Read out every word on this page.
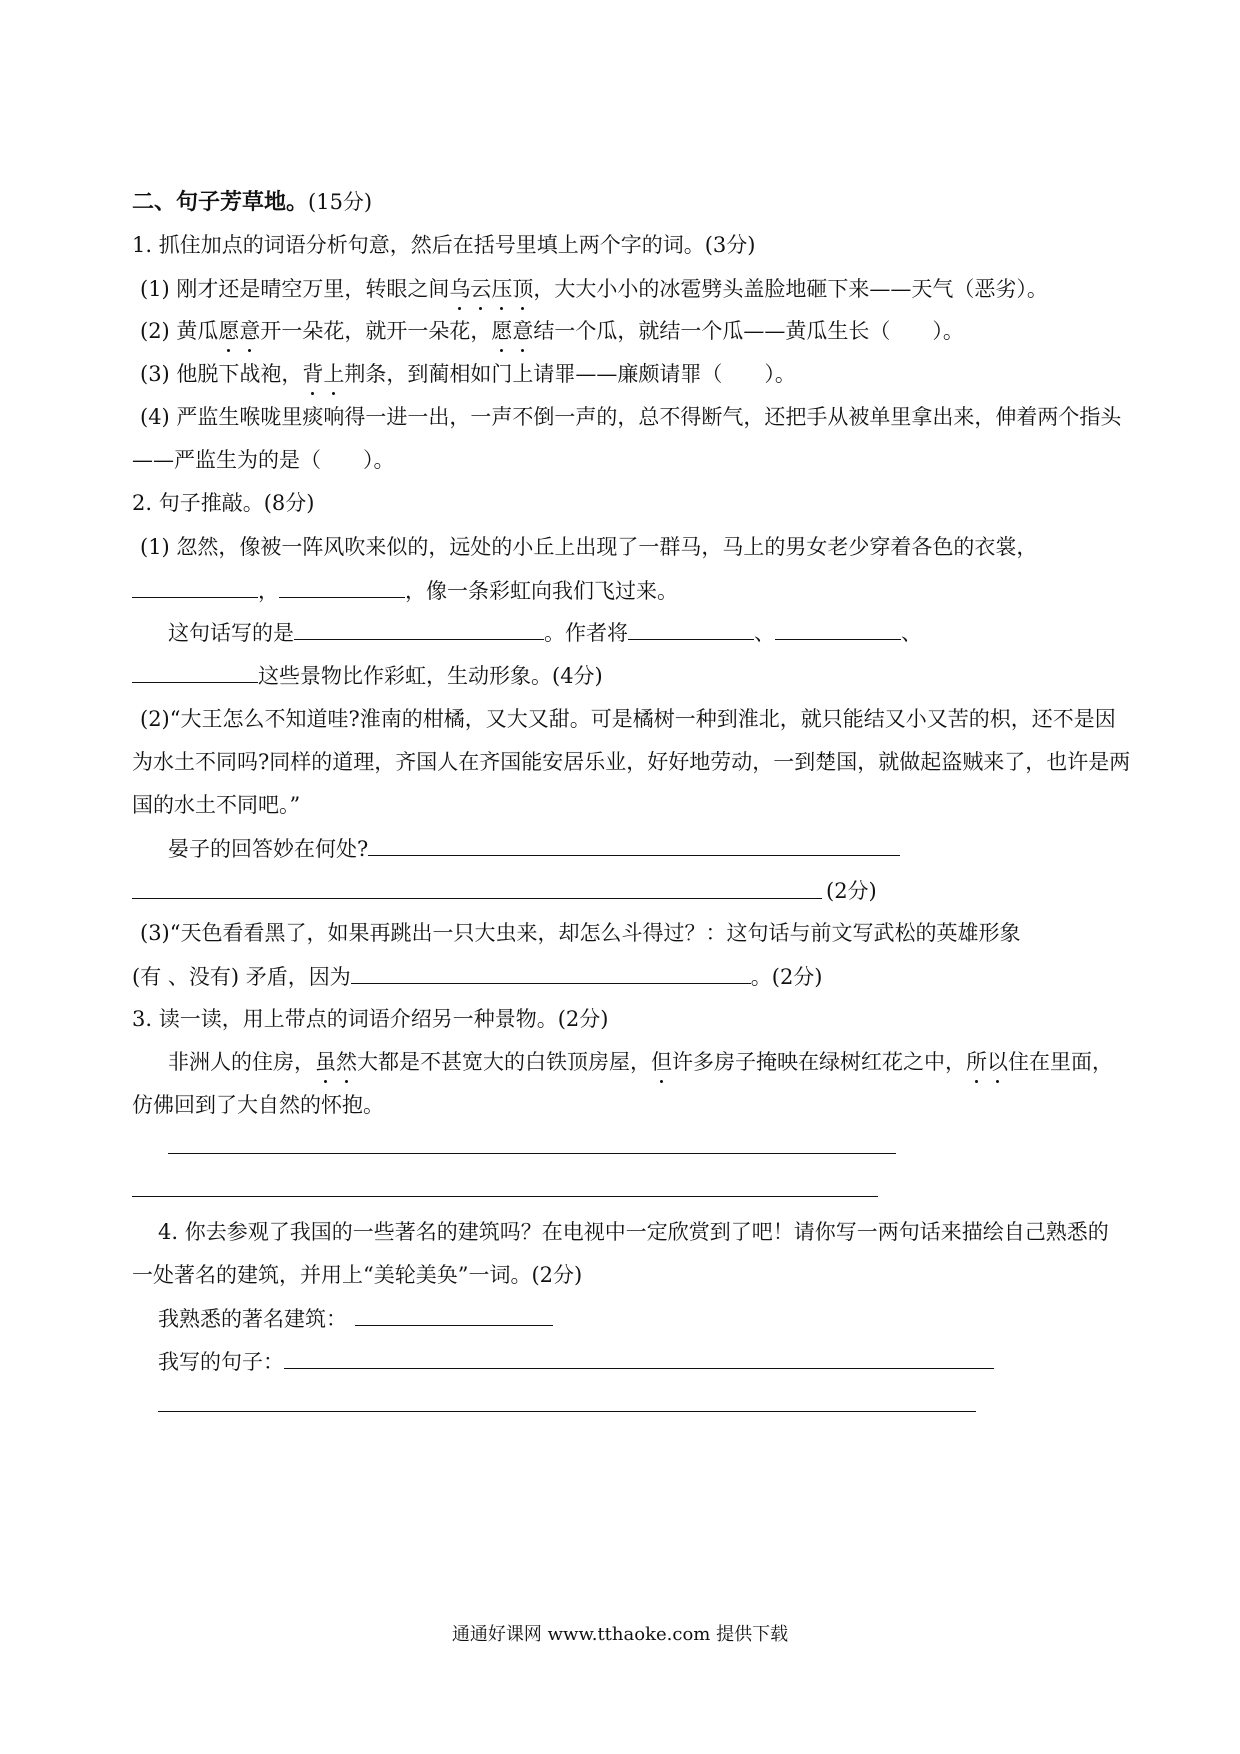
二、句子芳草地。(15分)
1. 抓住加点的词语分析句意，然后在括号里填上两个字的词。(3分)
(1) 刚才还是晴空万里，转眼之间乌云压顶，大大小小的冰雹劈头盖脸地砸下来——天气（恶劣）。
(2) 黄瓜愿意开一朵花，就开一朵花，愿意结一个瓜，就结一个瓜——黄瓜生长（　　）。
(3) 他脱下战袍，背上荆条，到蔺相如门上请罪——廉颇请罪（　　）。
(4) 严监生喉咙里痰响得一进一出，一声不倒一声的，总不得断气，还把手从被单里拿出来，伸着两个指头
——严监生为的是（　　）。
2. 句子推敲。(8分)
(1) 忽然，像被一阵风吹来似的，远处的小丘上出现了一群马，马上的男女老少穿着各色的衣裳，
，	，像一条彩虹向我们飞过来。
这句话写的是	。作者将	、	、
这些景物比作彩虹，生动形象。(4分)
(2)“大王怎么不知道哇?淮南的柑橘，又大又甜。可是橘树一种到淮北，就只能结又小又苦的枳，还不是因
为水土不同吗?同样的道理，齐国人在齐国能安居乐业，好好地劳动，一到楚国，就做起盗贼来了，也许是两
国的水土不同吧。”
晏子的回答妙在何处?
(2分)
(3)“天色看看黑了，如果再跳出一只大虫来，却怎么斗得过？：这句话与前文写武松的英雄形象
(有 、没有) 矛盾，因为	。(2分)
3. 读一读，用上带点的词语介绍另一种景物。(2分)
非洲人的住房，虽然大都是不甚宽大的白铁顶房屋，但许多房子掩映在绿树红花之中，所以住在里面，
仿佛回到了大自然的怀抱。
4. 你去参观了我国的一些著名的建筑吗？在电视中一定欣赏到了吧！请你写一两句话来描绘自己熟悉的
一处著名的建筑，并用上“美轮美奂”一词。(2分)
我熟悉的著名建筑：
我写的句子：
通通好课网 www.tthaoke.com 提供下载
